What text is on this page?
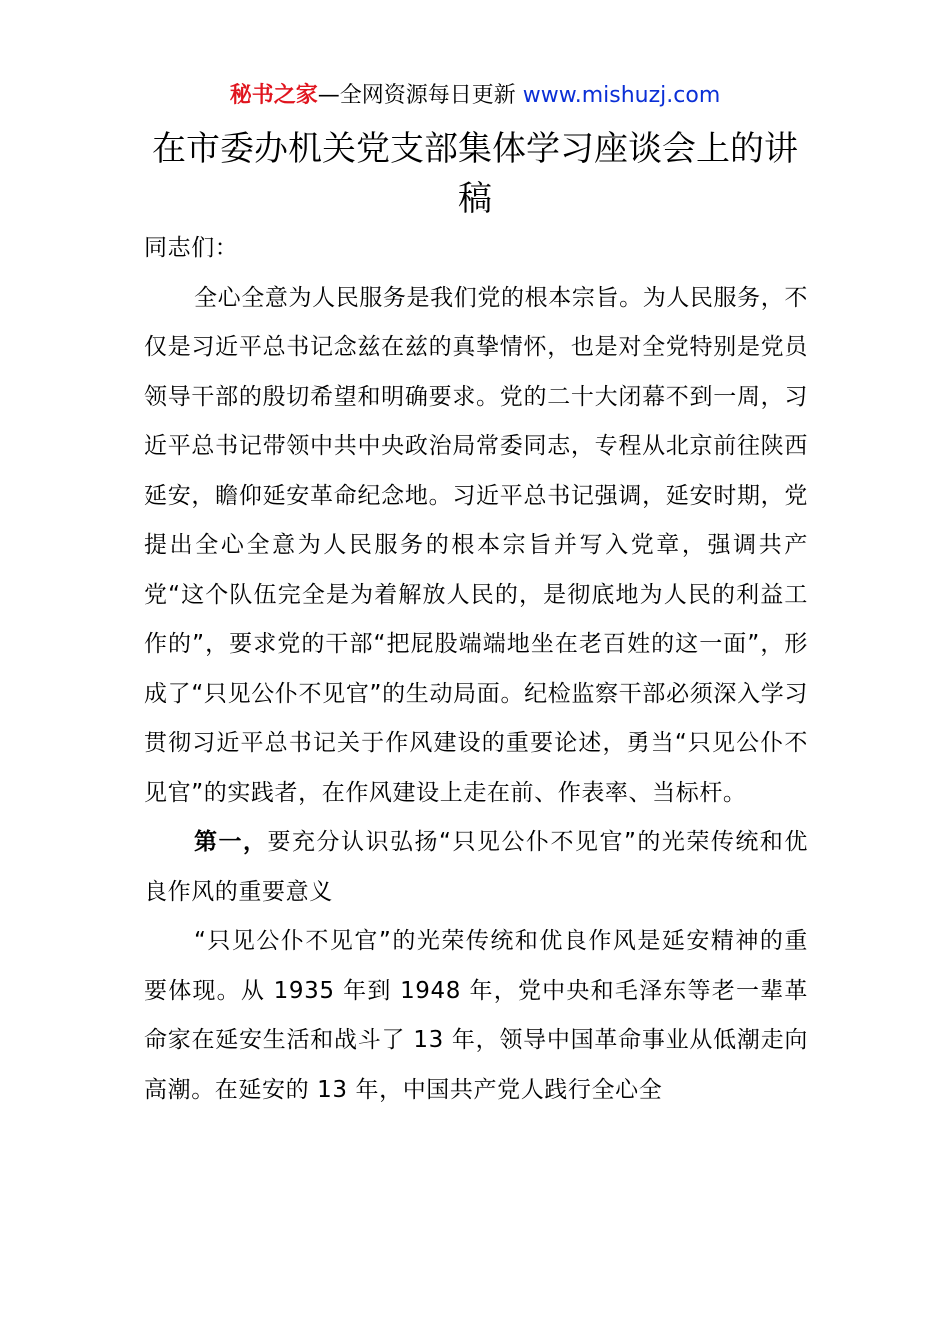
秘书之家—全网资源每日更新 www.mishuzj.com
在市委办机关党支部集体学习座谈会上的讲稿

同志们：

全心全意为人民服务是我们党的根本宗旨。为人民服务，不仅是习近平总书记念兹在兹的真挚情怀，也是对全党特别是党员领导干部的殷切希望和明确要求。党的二十大闭幕不到一周，习近平总书记带领中共中央政治局常委同志，专程从北京前往陕西延安，瞻仰延安革命纪念地。习近平总书记强调，延安时期，党提出全心全意为人民服务的根本宗旨并写入党章，强调共产党“这个队伍完全是为着解放人民的，是彻底地为人民的利益工作的”，要求党的干部“把屁股端端地坐在老百姓的这一面”，形成了“只见公仆不见官”的生动局面。纪检监察干部必须深入学习贯彻习近平总书记关于作风建设的重要论述，勇当“只见公仆不见官”的实践者，在作风建设上走在前、作表率、当标杆。

第一，要充分认识弘扬“只见公仆不见官”的光荣传统和优良作风的重要意义

“只见公仆不见官”的光荣传统和优良作风是延安精神的重要体现。从 1935 年到 1948 年，党中央和毛泽东等老一辈革命家在延安生活和战斗了 13 年，领导中国革命事业从低潮走向高潮。在延安的 13 年，中国共产党人践行全心全
